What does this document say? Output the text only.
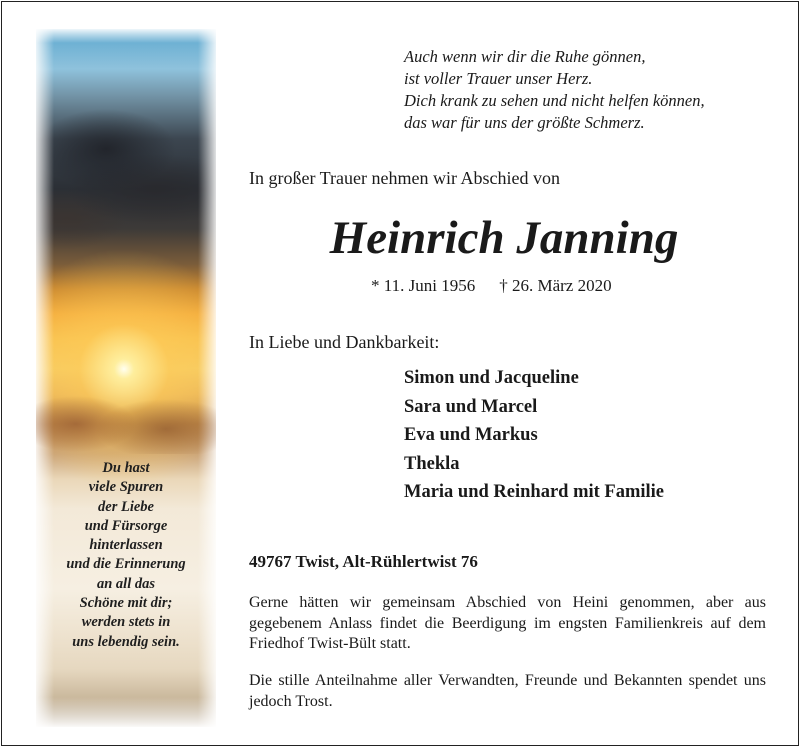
Du hast
viele Spuren
der Liebe
und Fürsorge
hinterlassen
und die Erinnerung
an all das
Schöne mit dir;
werden stets in
uns lebendig sein.
Auch wenn wir dir die Ruhe gönnen,
ist voller Trauer unser Herz.
Dich krank zu sehen und nicht helfen können,
das war für uns der größte Schmerz.
In großer Trauer nehmen wir Abschied von
Heinrich Janning
* 11. Juni 1956 † 26. März 2020
In Liebe und Dankbarkeit:
Simon und Jacqueline
Sara und Marcel
Eva und Markus
Thekla
Maria und Reinhard mit Familie
49767 Twist, Alt-Rühlertwist 76
Gerne hätten wir gemeinsam Abschied von Heini genommen, aber aus gegebenem Anlass findet die Beerdigung im engsten Familienkreis auf dem Friedhof Twist-Bült statt.
Die stille Anteilnahme aller Verwandten, Freunde und Bekannten spendet uns jedoch Trost.
